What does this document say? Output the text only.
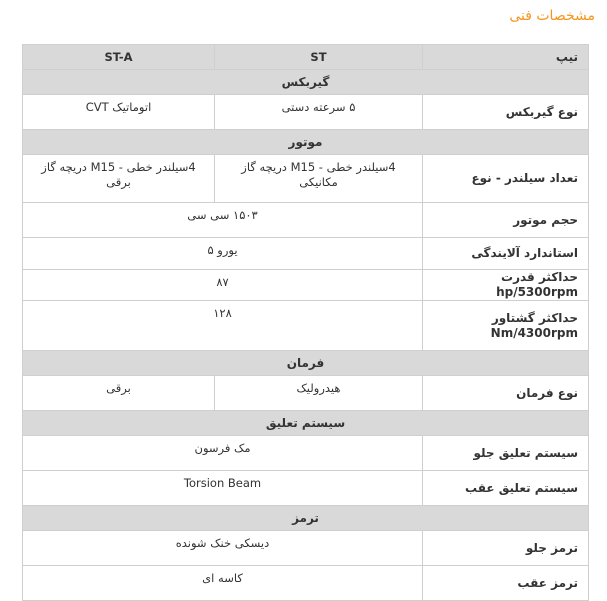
مشخصات فنی
تیپ	ST	ST-A
گیربکس		
نوع گیربکس	۵ سرعته دستی	اتوماتیک CVT
موتور		
تعداد سیلندر - نوع	4سیلندر خطی - M15 دریچه گاز مکانیکی	4سیلندر خطی - M15 دریچه گاز برقی
حجم موتور	۱۵۰۳ سی سی	
استاندارد آلایندگی	یورو ۵	
حداکثر قدرت hp/5300rpm	۸۷	
حداکثر گشتاور Nm/4300rpm	۱۲۸	
فرمان		
نوع فرمان	هیدرولیک	برقی
سیستم تعلیق		
سیستم تعلیق جلو	مک فرسون	
سیستم تعلیق عقب	Torsion Beam	
ترمز		
ترمز جلو	دیسکی خنک شونده	
ترمز عقب	کاسه ای	
